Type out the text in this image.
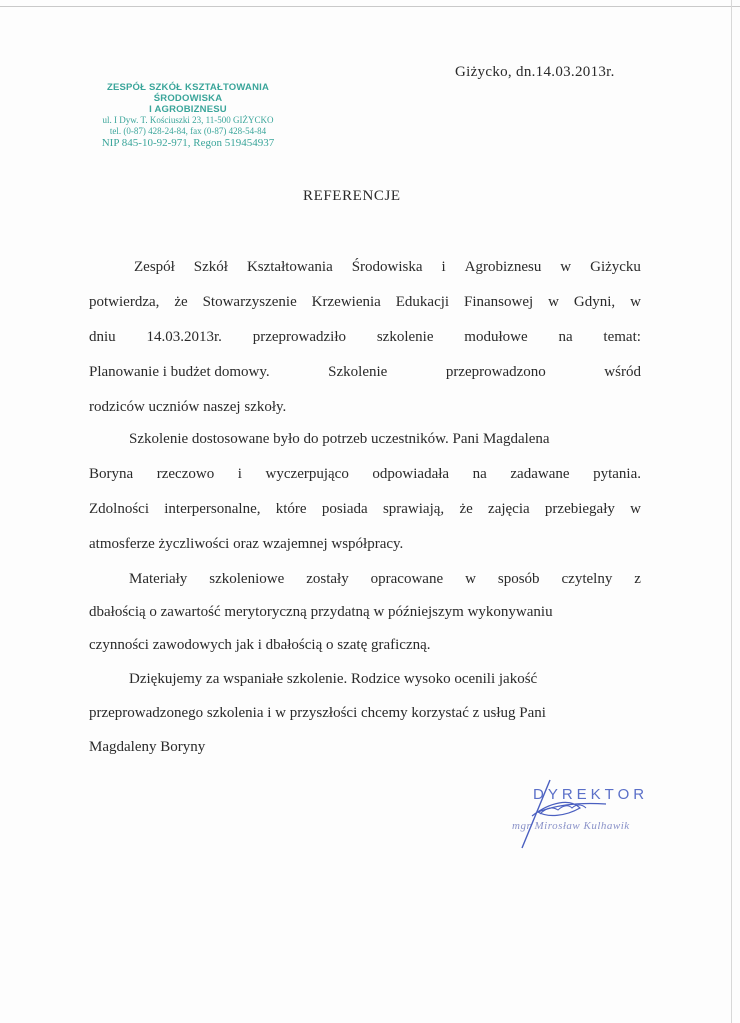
ZESPÓŁ SZKÓŁ KSZTAŁTOWANIA ŚRODOWISKA
I AGROBIZNESU
ul. I Dyw. T. Kościuszki 23, 11-500 GIŻYCKO
tel. (0-87) 428-24-84, fax (0-87) 428-54-84
NIP 845-10-92-971, Regon 519454937
Giżycko, dn.14.03.2013r.
REFERENCJE
Zespół Szkół Kształtowania Środowiska i Agrobiznesu w Giżycku
potwierdza, że Stowarzyszenie Krzewienia Edukacji Finansowej w Gdyni, w
dniu 14.03.2013r. przeprowadziło szkolenie modułowe na temat:
Planowanie i budżet domowy.	Szkolenie	przeprowadzono	wśród
rodziców uczniów naszej szkoły.
Szkolenie dostosowane było do potrzeb uczestników. Pani Magdalena
Boryna rzeczowo i wyczerpująco odpowiadała na zadawane pytania.
Zdolności interpersonalne, które posiada sprawiają, że zajęcia przebiegały w
atmosferze życzliwości oraz wzajemnej współpracy.
Materiały szkoleniowe zostały opracowane w sposób czytelny z
dbałością o zawartość merytoryczną przydatną w późniejszym wykonywaniu
czynności zawodowych jak i dbałością o szatę graficzną.
Dziękujemy za wspaniałe szkolenie. Rodzice wysoko ocenili jakość
przeprowadzonego szkolenia i w przyszłości chcemy korzystać z usług Pani
Magdaleny Boryny
DYREKTOR
mgr Mirosław Kulhawik
